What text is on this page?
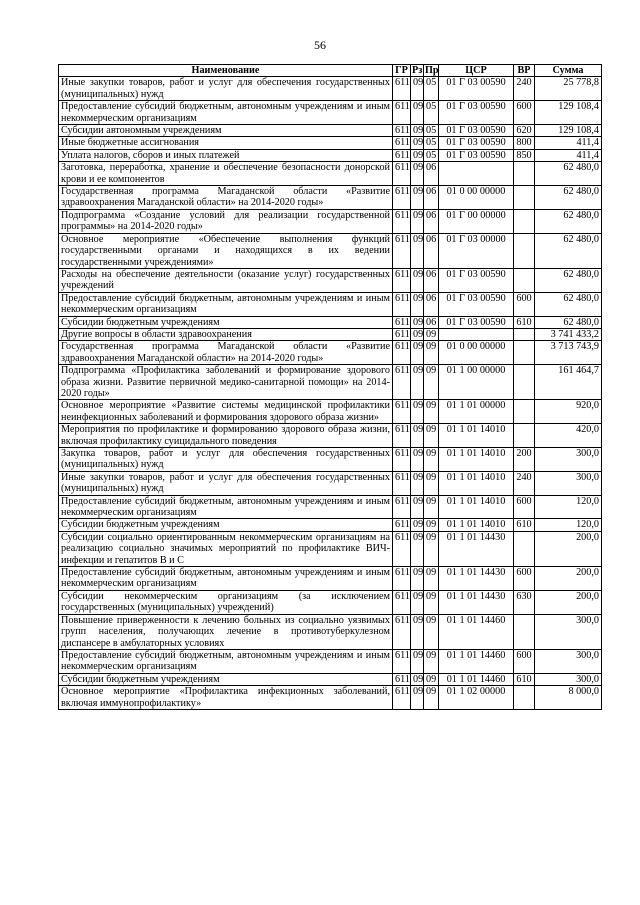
56
Наименование	ГР	Рз	Пр	ЦСР	ВР	Сумма
Иные закупки товаров, работ и услуг для обеспечения государственных (муниципальных) нужд	611	09	05	01 Г 03 00590	240	25 778,8
Предоставление субсидий бюджетным, автономным учреждениям и иным некоммерческим организациям	611	09	05	01 Г 03 00590	600	129 108,4
Субсидии автономным учреждениям	611	09	05	01 Г 03 00590	620	129 108,4
Иные бюджетные ассигнования	611	09	05	01 Г 03 00590	800	411,4
Уплата налогов, сборов и иных платежей	611	09	05	01 Г 03 00590	850	411,4
Заготовка, переработка, хранение и обеспечение безопасности донорской крови и ее компонентов	611	09	06			62 480,0
Государственная программа Магаданской области «Развитие здравоохранения Магаданской области» на 2014-2020 годы»	611	09	06	01 0 00 00000		62 480,0
Подпрограмма «Создание условий для реализации государственной программы» на 2014-2020 годы»	611	09	06	01 Г 00 00000		62 480,0
Основное мероприятие «Обеспечение выполнения функций государственными органами и находящихся в их ведении государственными учреждениями»	611	09	06	01 Г 03 00000		62 480,0
Расходы на обеспечение деятельности (оказание услуг) государственных учреждений	611	09	06	01 Г 03 00590		62 480,0
Предоставление субсидий бюджетным, автономным учреждениям и иным некоммерческим организациям	611	09	06	01 Г 03 00590	600	62 480,0
Субсидии бюджетным учреждениям	611	09	06	01 Г 03 00590	610	62 480,0
Другие вопросы в области здравоохранения	611	09	09			3 741 433,2
Государственная программа Магаданской области «Развитие здравоохранения Магаданской области» на 2014-2020 годы»	611	09	09	01 0 00 00000		3 713 743,9
Подпрограмма «Профилактика заболеваний и формирование здорового образа жизни. Развитие первичной медико-санитарной помощи» на 2014-2020 годы»	611	09	09	01 1 00 00000		161 464,7
Основное мероприятие «Развитие системы медицинской профилактики неинфекционных заболеваний и формирования здорового образа жизни»	611	09	09	01 1 01 00000		920,0
Мероприятия по профилактике и формированию здорового образа жизни, включая профилактику суицидального поведения	611	09	09	01 1 01 14010		420,0
Закупка товаров, работ и услуг для обеспечения государственных (муниципальных) нужд	611	09	09	01 1 01 14010	200	300,0
Иные закупки товаров, работ и услуг для обеспечения государственных (муниципальных) нужд	611	09	09	01 1 01 14010	240	300,0
Предоставление субсидий бюджетным, автономным учреждениям и иным некоммерческим организациям	611	09	09	01 1 01 14010	600	120,0
Субсидии бюджетным учреждениям	611	09	09	01 1 01 14010	610	120,0
Субсидии социально ориентированным некоммерческим организациям на реализацию социально значимых мероприятий по профилактике ВИЧ-инфекции и гепатитов В и С	611	09	09	01 1 01 14430		200,0
Предоставление субсидий бюджетным, автономным учреждениям и иным некоммерческим организациям	611	09	09	01 1 01 14430	600	200,0
Субсидии некоммерческим организациям (за исключением государственных (муниципальных) учреждений)	611	09	09	01 1 01 14430	630	200,0
Повышение приверженности к лечению больных из социально уязвимых групп населения, получающих лечение в противотуберкулезном диспансере в амбулаторных условиях	611	09	09	01 1 01 14460		300,0
Предоставление субсидий бюджетным, автономным учреждениям и иным некоммерческим организациям	611	09	09	01 1 01 14460	600	300,0
Субсидии бюджетным учреждениям	611	09	09	01 1 01 14460	610	300,0
Основное мероприятие «Профилактика инфекционных заболеваний, включая иммунопрофилактику»	611	09	09	01 1 02 00000		8 000,0
